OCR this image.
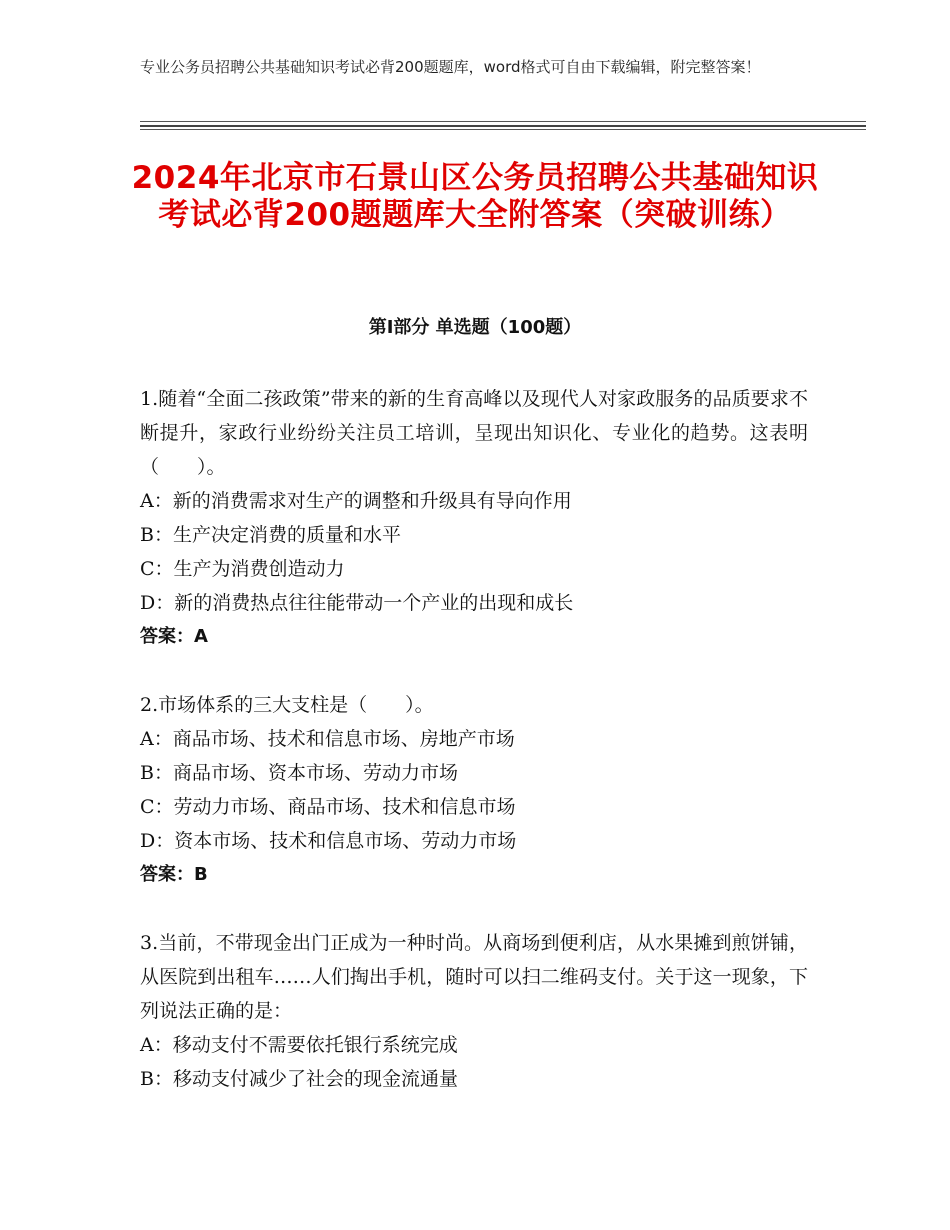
专业公务员招聘公共基础知识考试必背200题题库，word格式可自由下载编辑，附完整答案！
2024年北京市石景山区公务员招聘公共基础知识考试必背200题题库大全附答案（突破训练）
第Ⅰ部分 单选题（100题）

1.随着“全面二孩政策”带来的新的生育高峰以及现代人对家政服务的品质要求不断提升，家政行业纷纷关注员工培训，呈现出知识化、专业化的趋势。这表明（　　）。

A：新的消费需求对生产的调整和升级具有导向作用

B：生产决定消费的质量和水平

C：生产为消费创造动力

D：新的消费热点往往能带动一个产业的出现和成长

答案：A

2.市场体系的三大支柱是（　　）。

A：商品市场、技术和信息市场、房地产市场

B：商品市场、资本市场、劳动力市场

C：劳动力市场、商品市场、技术和信息市场

D：资本市场、技术和信息市场、劳动力市场

答案：B

3.当前，不带现金出门正成为一种时尚。从商场到便利店，从水果摊到煎饼铺，从医院到出租车……人们掏出手机，随时可以扫二维码支付。关于这一现象，下列说法正确的是：

A：移动支付不需要依托银行系统完成

B：移动支付减少了社会的现金流通量
